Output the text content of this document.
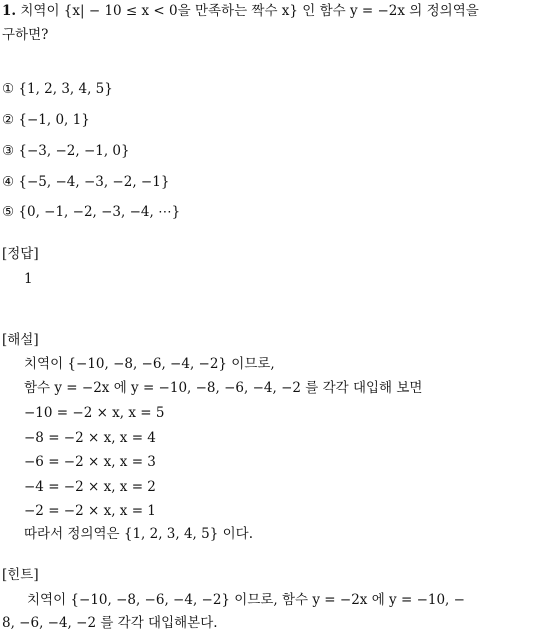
1. 치역이 {x| − 10 ≤ x < 0을 만족하는 짝수 x} 인 함수 y = −2x 의 정의역을
구하면?
① {1, 2, 3, 4, 5}
② {−1, 0, 1}
③ {−3, −2, −1, 0}
④ {−5, −4, −3, −2, −1}
⑤ {0, −1, −2, −3, −4, ⋯}
[정답]
1
[해설]
치역이 {−10, −8, −6, −4, −2} 이므로,
함수 y = −2x 에 y = −10, −8, −6, −4, −2 를 각각 대입해 보면
−10 = −2 × x, x = 5
−8 = −2 × x, x = 4
−6 = −2 × x, x = 3
−4 = −2 × x, x = 2
−2 = −2 × x, x = 1
따라서 정의역은 {1, 2, 3, 4, 5} 이다.
[힌트]
치역이 {−10, −8, −6, −4, −2} 이므로, 함수 y = −2x 에 y = −10, −
8, −6, −4, −2 를 각각 대입해본다.
